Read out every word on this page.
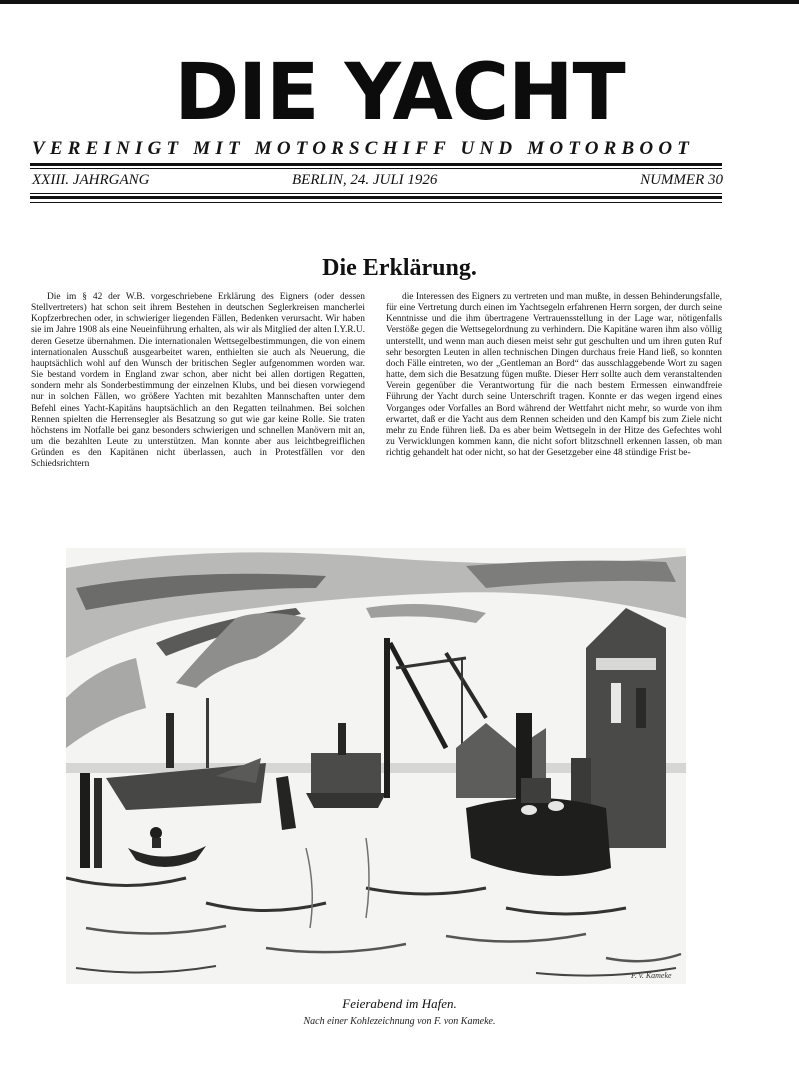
DIE YACHT
VEREINIGT MIT MOTORSCHIFF UND MOTORBOOT
XXIII. JAHRGANG	BERLIN, 24. JULI 1926	NUMMER 30
Die Erklärung.
Die im § 42 der W.B. vorgeschriebene Erklärung des Eigners (oder dessen Stellvertreters) hat schon seit ihrem Bestehen in deutschen Seglerkreisen mancherlei Kopfzerbrechen oder, in schwieriger liegenden Fällen, Bedenken verursacht. Wir haben sie im Jahre 1908 als eine Neueinführung erhalten, als wir als Mitglied der alten I.Y.R.U. deren Gesetze übernahmen. Die internationalen Wettsegelbestimmungen, die von einem internationalen Ausschuß ausgearbeitet waren, enthielten sie auch als Neuerung, die hauptsächlich wohl auf den Wunsch der britischen Segler aufgenommen worden war. Sie bestand vordem in England zwar schon, aber nicht bei allen dortigen Regatten, sondern mehr als Sonderbestimmung der einzelnen Klubs, und bei diesen vorwiegend nur in solchen Fällen, wo größere Yachten mit bezahlten Mannschaften unter dem Befehl eines Yacht-Kapitäns hauptsächlich an den Regatten teilnahmen. Bei solchen Rennen spielten die Herrensegler als Besatzung so gut wie gar keine Rolle. Sie traten höchstens im Notfalle bei ganz besonders schwierigen und schnellen Manövern mit an, um die bezahlten Leute zu unterstützen. Man konnte aber aus leichtbegreiflichen Gründen es den Kapitänen nicht überlassen, auch in Protestfällen vor den Schiedsrichtern
die Interessen des Eigners zu vertreten und man mußte, in dessen Behinderungsfalle, für eine Vertretung durch einen im Yachtsegeln erfahrenen Herrn sorgen, der durch seine Kenntnisse und die ihm übertragene Vertrauensstellung in der Lage war, nötigenfalls Verstöße gegen die Wettsegelordnung zu verhindern. Die Kapitäne waren ihm also völlig unterstellt, und wenn man auch diesen meist sehr gut geschulten und um ihren guten Ruf sehr besorgten Leuten in allen technischen Dingen durchaus freie Hand ließ, so konnten doch Fälle eintreten, wo der „Gentleman an Bord“ das ausschlaggebende Wort zu sagen hatte, dem sich die Besatzung fügen mußte. Dieser Herr sollte auch dem veranstaltenden Verein gegenüber die Verantwortung für die nach bestem Ermessen einwandfreie Führung der Yacht durch seine Unterschrift tragen. Konnte er das wegen irgend eines Vorganges oder Vorfalles an Bord während der Wettfahrt nicht mehr, so wurde von ihm erwartet, daß er die Yacht aus dem Rennen scheiden und den Kampf bis zum Ziele nicht mehr zu Ende führen ließ. Da es aber beim Wettsegeln in der Hitze des Gefechtes wohl zu Verwicklungen kommen kann, die nicht sofort blitzschnell erkennen lassen, ob man richtig gehandelt hat oder nicht, so hat der Gesetzgeber eine 48 stündige Frist be-
F. v. Kameke
Feierabend im Hafen.
Nach einer Kohlezeichnung von F. von Kameke.
